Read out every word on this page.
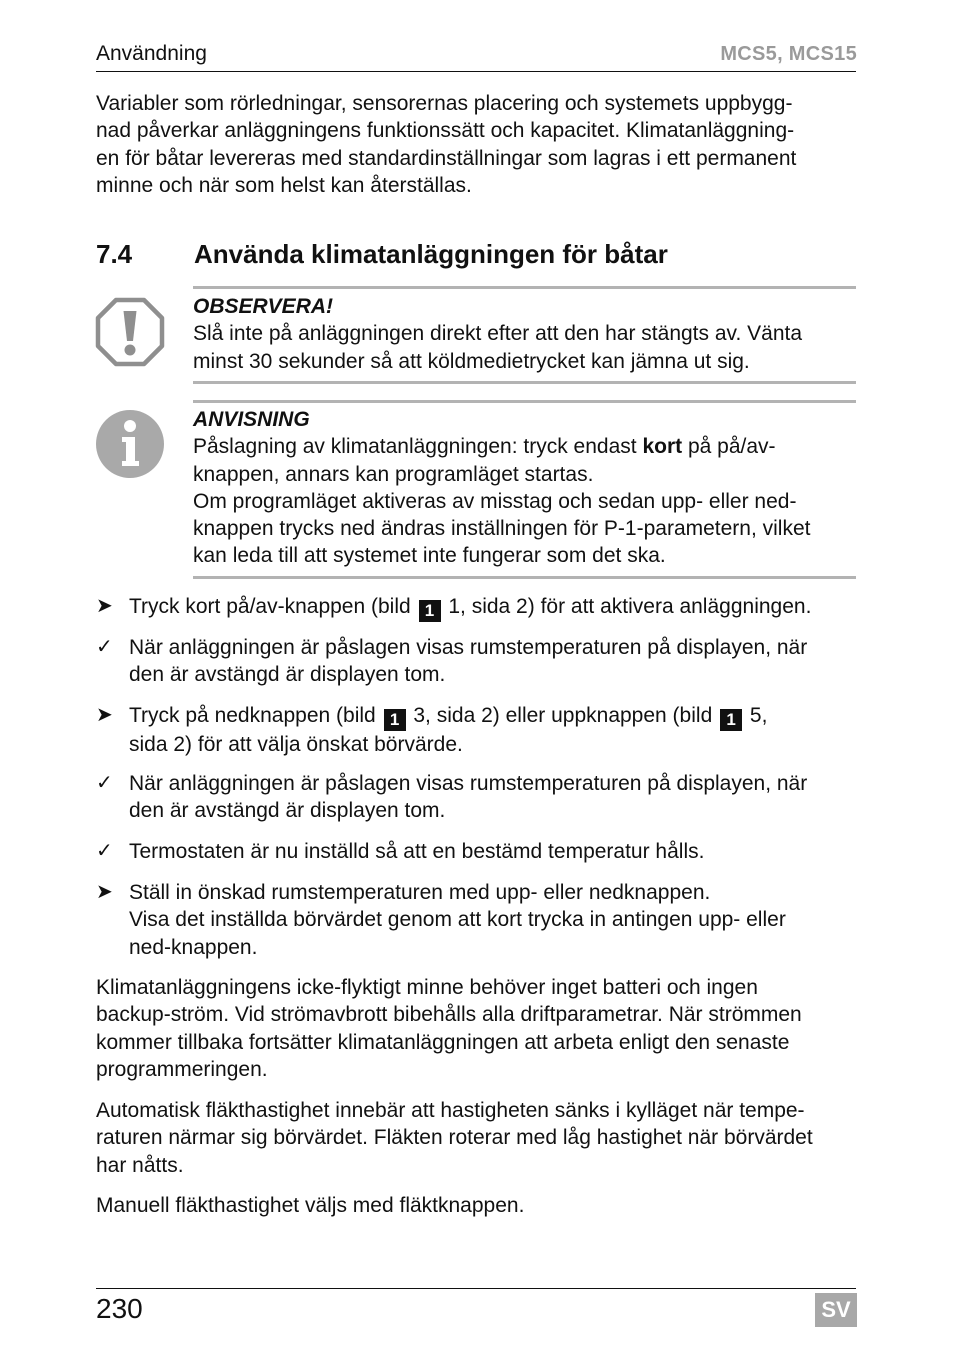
Användning	MCS5, MCS15
Variabler som rörledningar, sensorernas placering och systemets uppbygg-
nad påverkar anläggningens funktionssätt och kapacitet. Klimatanläggning-
en för båtar levereras med standardinställningar som lagras i ett permanent
minne och när som helst kan återställas.
7.4 Använda klimatanläggningen för båtar
OBSERVERA!
Slå inte på anläggningen direkt efter att den har stängts av. Vänta
minst 30 sekunder så att köldmedietrycket kan jämna ut sig.
ANVISNING
Påslagning av klimatanläggningen: tryck endast kort på på/av-
knappen, annars kan programläget startas.
Om programläget aktiveras av misstag och sedan upp- eller ned-
knappen trycks ned ändras inställningen för P-1-parametern, vilket
kan leda till att systemet inte fungerar som det ska.
➤ Tryck kort på/av-knappen (bild 1 1, sida 2) för att aktivera anläggningen.
✓ När anläggningen är påslagen visas rumstemperaturen på displayen, när
den är avstängd är displayen tom.
➤ Tryck på nedknappen (bild 1 3, sida 2) eller uppknappen (bild 1 5,
sida 2) för att välja önskat börvärde.
✓ När anläggningen är påslagen visas rumstemperaturen på displayen, när
den är avstängd är displayen tom.
✓ Termostaten är nu inställd så att en bestämd temperatur hålls.
➤ Ställ in önskad rumstemperaturen med upp- eller nedknappen.
Visa det inställda börvärdet genom att kort trycka in antingen upp- eller
ned-knappen.
Klimatanläggningens icke-flyktigt minne behöver inget batteri och ingen
backup-ström. Vid strömavbrott bibehålls alla driftparametrar. När strömmen
kommer tillbaka fortsätter klimatanläggningen att arbeta enligt den senaste
programmeringen.
Automatisk fläkthastighet innebär att hastigheten sänks i kylläget när tempe-
raturen närmar sig börvärdet. Fläkten roterar med låg hastighet när börvärdet
har nåtts.
Manuell fläkthastighet väljs med fläktknappen.
230	SV
